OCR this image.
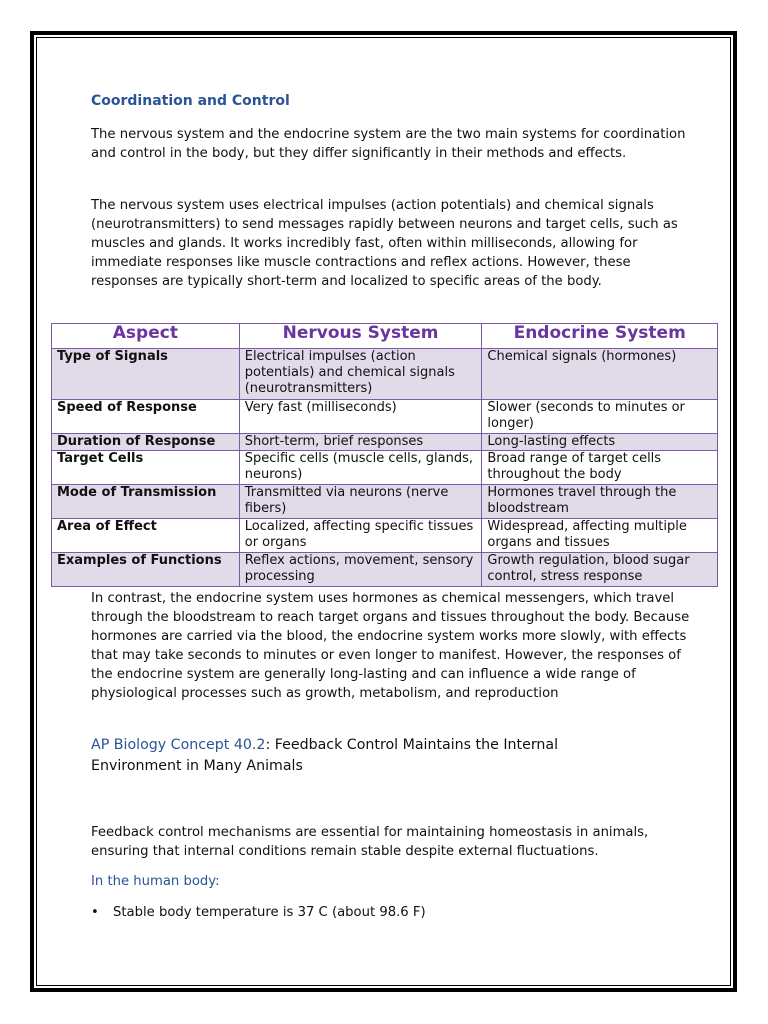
Coordination and Control

The nervous system and the endocrine system are the two main systems for coordination and control in the body, but they differ significantly in their methods and effects.

The nervous system uses electrical impulses (action potentials) and chemical signals (neurotransmitters) to send messages rapidly between neurons and target cells, such as muscles and glands. It works incredibly fast, often within milliseconds, allowing for immediate responses like muscle contractions and reflex actions. However, these responses are typically short-term and localized to specific areas of the body.

Aspect	Nervous System	Endocrine System
Type of Signals	Electrical impulses (action potentials) and chemical signals (neurotransmitters)	Chemical signals (hormones)
Speed of Response	Very fast (milliseconds)	Slower (seconds to minutes or longer)
Duration of Response	Short-term, brief responses	Long-lasting effects
Target Cells	Specific cells (muscle cells, glands, neurons)	Broad range of target cells throughout the body
Mode of Transmission	Transmitted via neurons (nerve fibers)	Hormones travel through the bloodstream
Area of Effect	Localized, affecting specific tissues or organs	Widespread, affecting multiple organs and tissues
Examples of Functions	Reflex actions, movement, sensory processing	Growth regulation, blood sugar control, stress response

In contrast, the endocrine system uses hormones as chemical messengers, which travel through the bloodstream to reach target organs and tissues throughout the body. Because hormones are carried via the blood, the endocrine system works more slowly, with effects that may take seconds to minutes or even longer to manifest. However, the responses of the endocrine system are generally long-lasting and can influence a wide range of physiological processes such as growth, metabolism, and reproduction

AP Biology Concept 40.2: Feedback Control Maintains the Internal Environment in Many Animals

Feedback control mechanisms are essential for maintaining homeostasis in animals, ensuring that internal conditions remain stable despite external fluctuations.

In the human body:
• Stable body temperature is 37 C (about 98.6 F)
